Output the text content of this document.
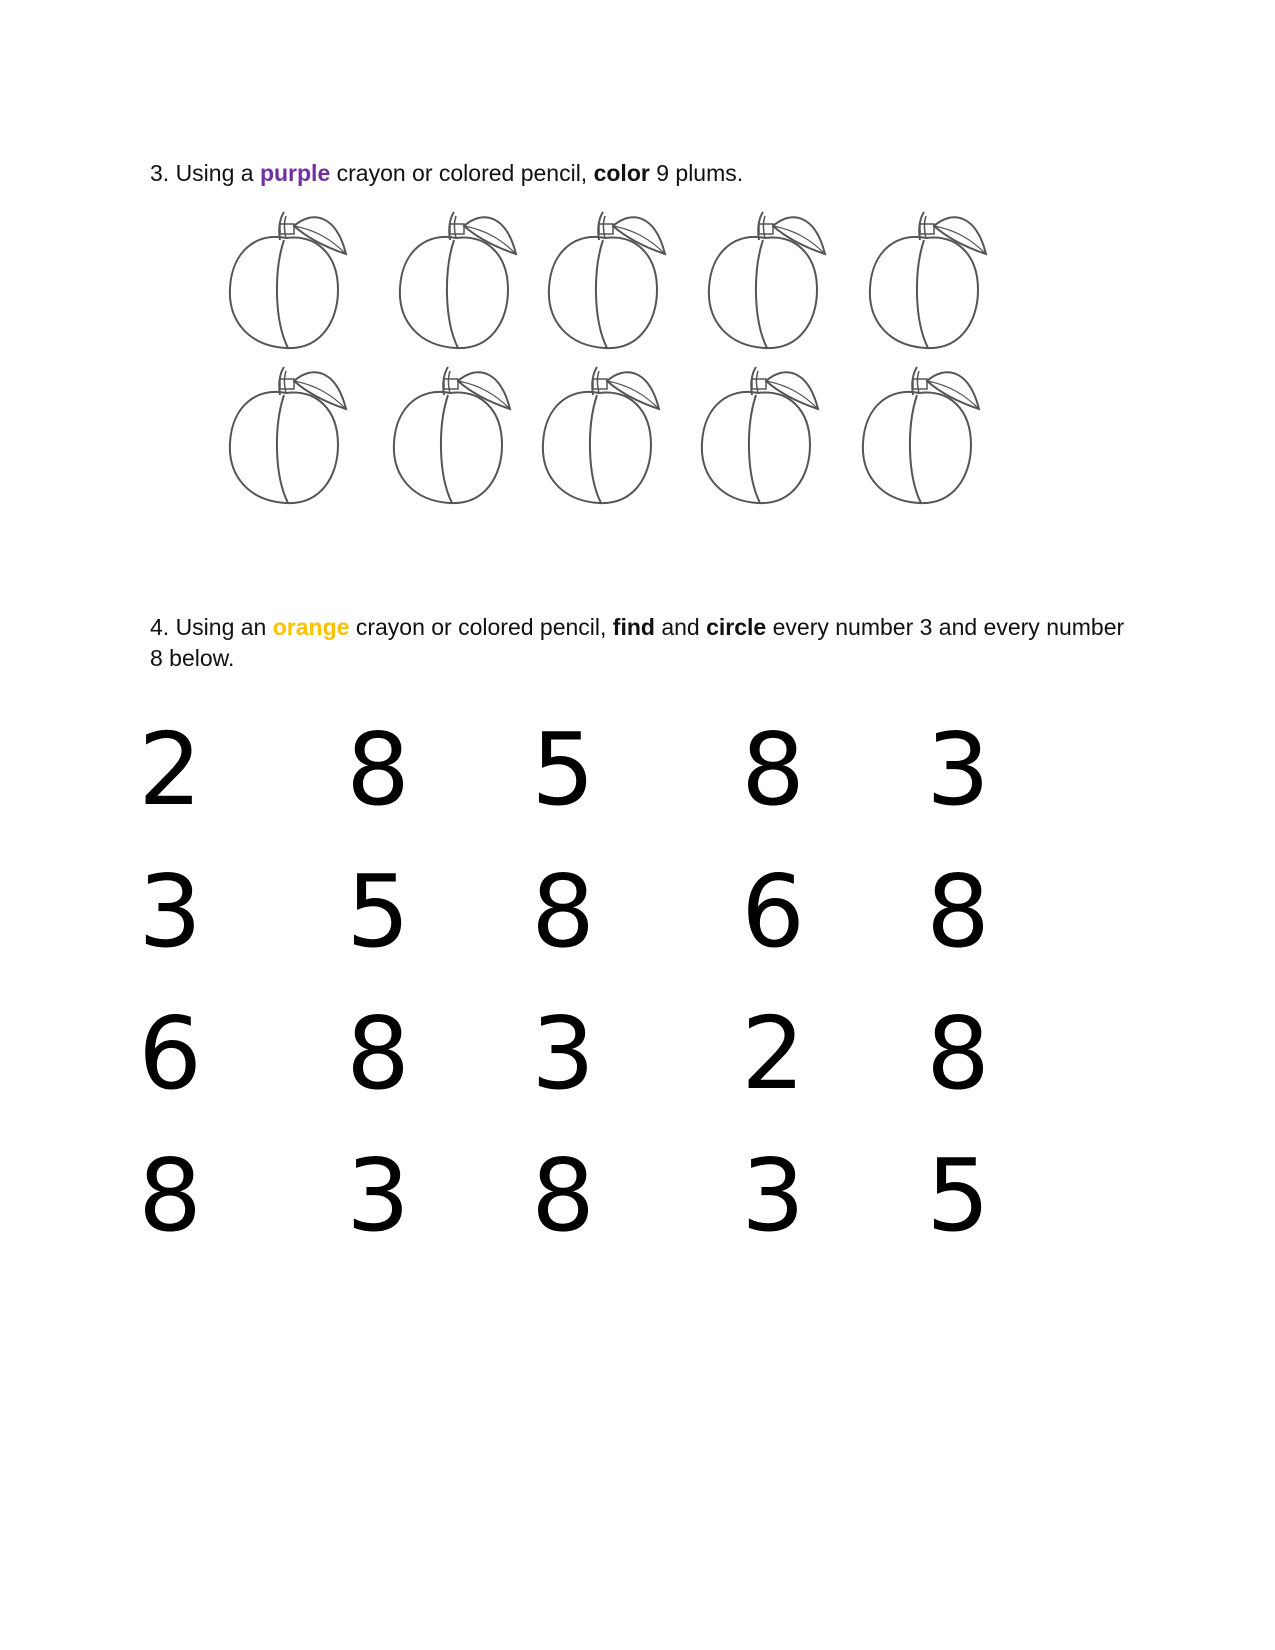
3. Using a purple crayon or colored pencil, color 9 plums.
4. Using an orange crayon or colored pencil, find and circle every number 3 and every number 8 below.
2 8 5 8 3
3 5 8 6 8
6 8 3 2 8
8 3 8 3 5
